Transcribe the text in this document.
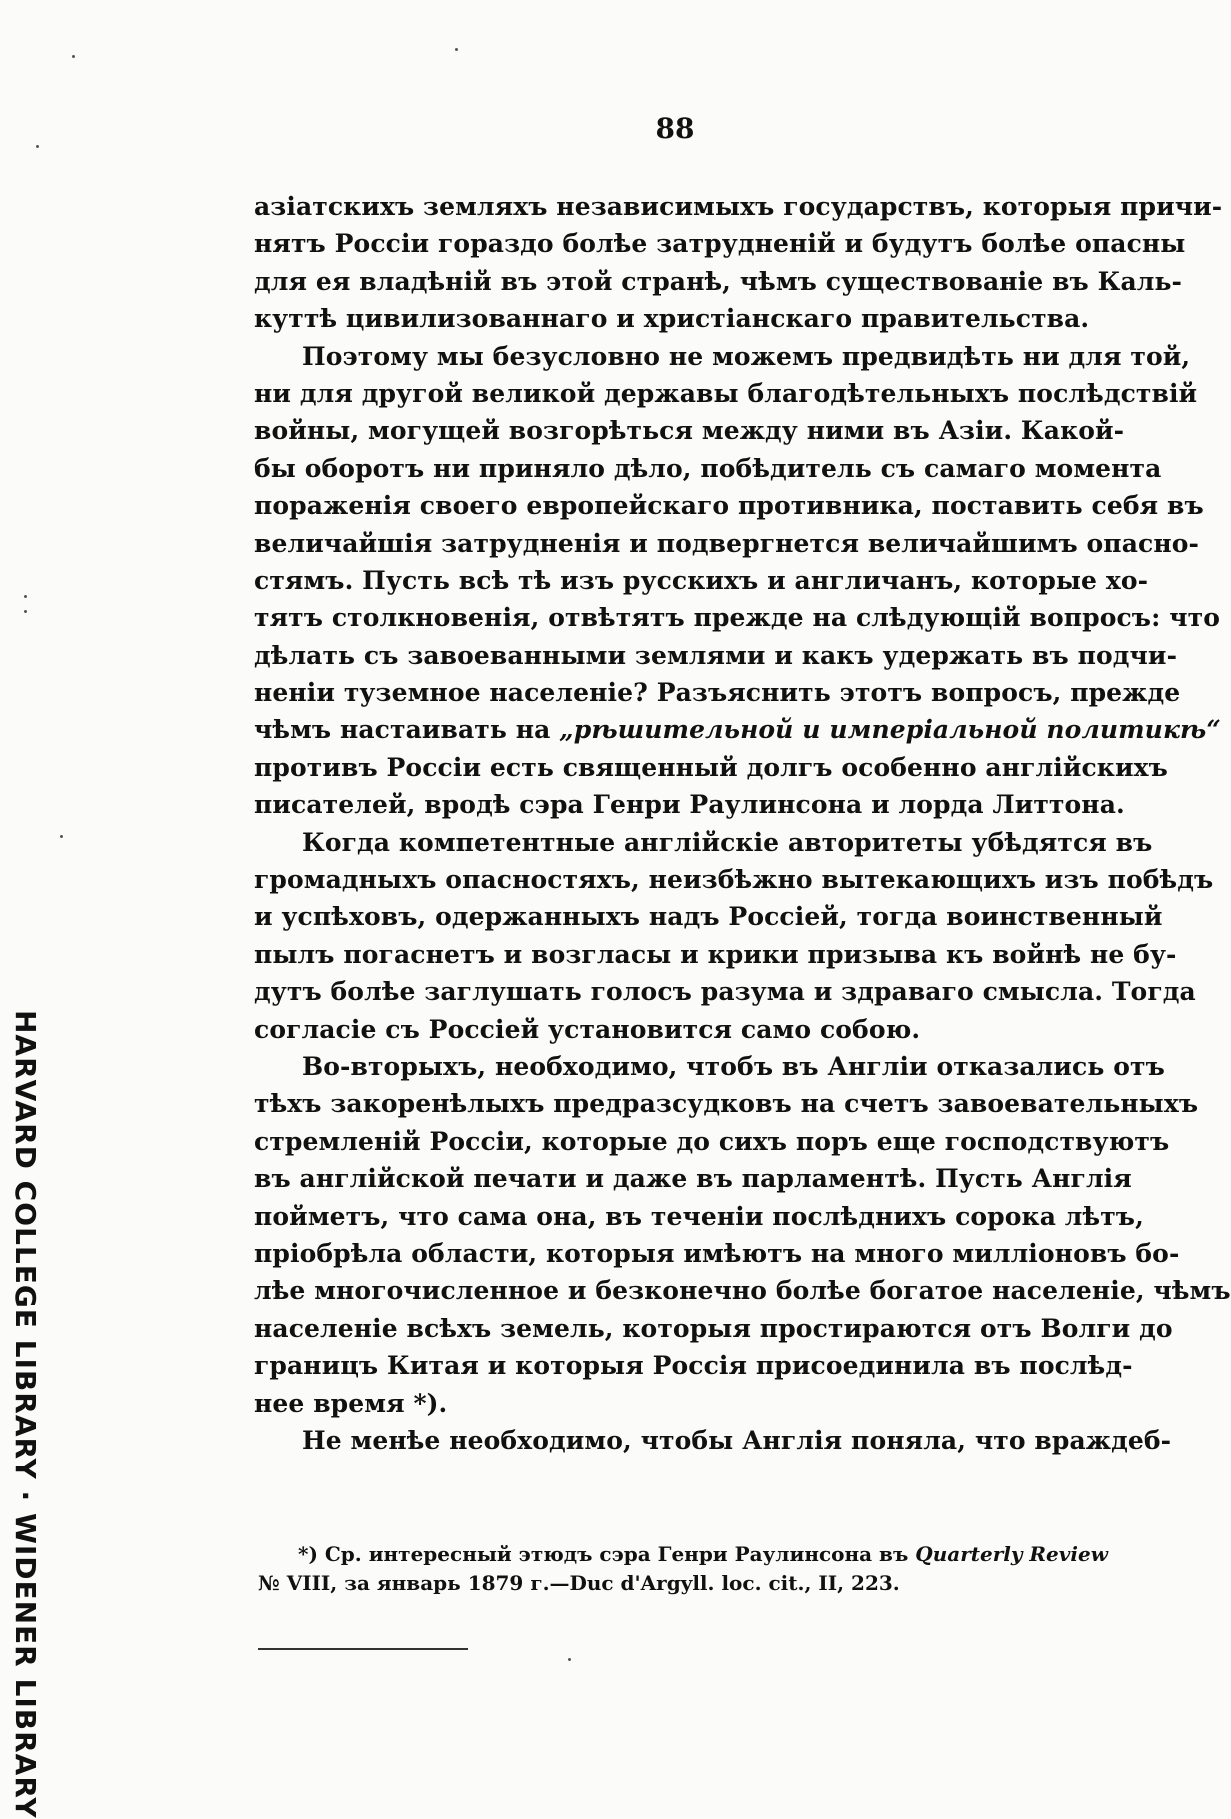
88
азіатскихъ земляхъ независимыхъ государствъ, которыя причи-
нятъ Россіи гораздо болѣе затрудненій и будутъ болѣе опасны
для ея владѣній въ этой странѣ, чѣмъ существованіе въ Каль-
куттѣ цивилизованнаго и христіанскаго правительства.
Поэтому мы безусловно не можемъ предвидѣть ни для той,
ни для другой великой державы благодѣтельныхъ послѣдствій
войны, могущей возгорѣться между ними въ Азіи. Какой-
бы оборотъ ни приняло дѣло, побѣдитель съ самаго момента
пораженія своего европейскаго противника, поставить себя въ
величайшія затрудненія и подвергнется величайшимъ опасно-
стямъ. Пусть всѣ тѣ изъ русскихъ и англичанъ, которые хо-
тятъ столкновенія, отвѣтятъ прежде на слѣдующій вопросъ: что
дѣлать съ завоеванными землями и какъ удержать въ подчи-
неніи туземное населеніе? Разъяснить этотъ вопросъ, прежде
чѣмъ настаивать на „рѣшительной и имперіальной политикѣ“
противъ Россіи есть священный долгъ особенно англійскихъ
писателей, вродѣ сэра Генри Раулинсона и лорда Литтона.
Когда компетентные англійскіе авторитеты убѣдятся въ
громадныхъ опасностяхъ, неизбѣжно вытекающихъ изъ побѣдъ
и успѣховъ, одержанныхъ надъ Россіей, тогда воинственный
пылъ погаснетъ и возгласы и крики призыва къ войнѣ не бу-
дутъ болѣе заглушать голосъ разума и здраваго смысла. Тогда
согласіе съ Россіей установится само собою.
Во-вторыхъ, необходимо, чтобъ въ Англіи отказались отъ
тѣхъ закоренѣлыхъ предразсудковъ на счетъ завоевательныхъ
стремленій Россіи, которые до сихъ поръ еще господствуютъ
въ англійской печати и даже въ парламентѣ. Пусть Англія
пойметъ, что сама она, въ теченіи послѣднихъ сорока лѣтъ,
пріобрѣла области, которыя имѣютъ на много милліоновъ бо-
лѣе многочисленное и безконечно болѣе богатое населеніе, чѣмъ
населеніе всѣхъ земель, которыя простираются отъ Волги до
границъ Китая и которыя Россія присоединила въ послѣд-
нее время *).
Не менѣе необходимо, чтобы Англія поняла, что враждеб-
*) Ср. интересный этюдъ сэра Генри Раулинсона въ Quarterly Review
№ VIII, за январь 1879 г.—Duc d'Argyll. loc. cit., II, 223.
HARVARD COLLEGE LIBRARY · WIDENER LIBRARY
